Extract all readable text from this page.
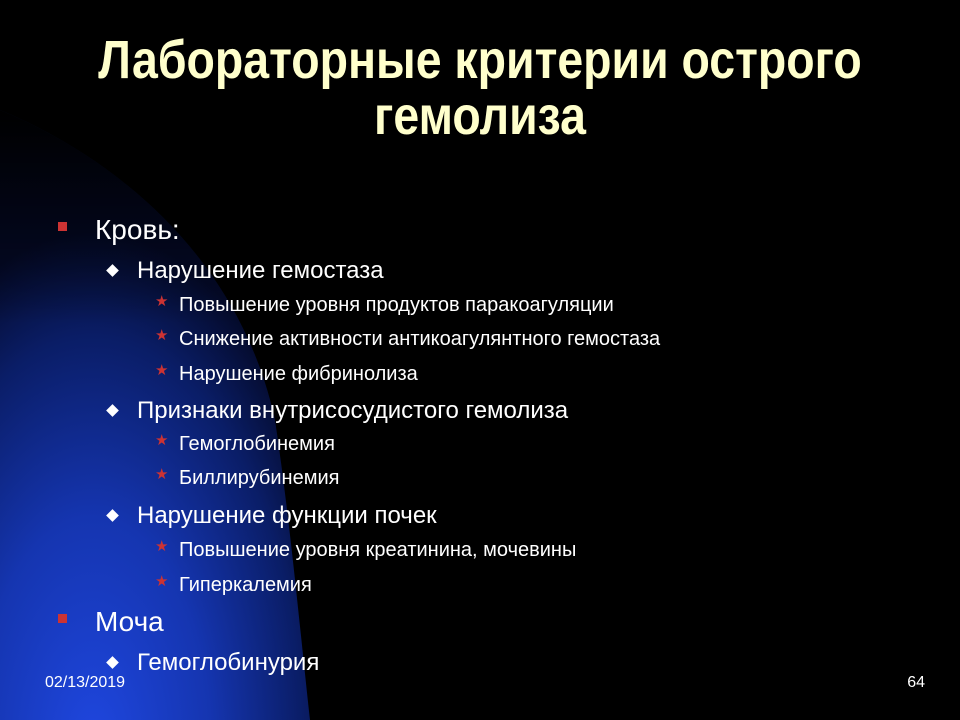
Лабораторные критерии острого
гемолиза
Кровь:
Нарушение гемостаза
★ Повышение уровня продуктов паракоагуляции
★ Снижение активности антикоагулянтного гемостаза
★ Нарушение фибринолиза
Признаки внутрисосудистого гемолиза
★ Гемоглобинемия
★ Биллирубинемия
Нарушение функции почек
★ Повышение уровня креатинина, мочевины
★ Гиперкалемия
Моча
Гемоглобинурия
02/13/2019	64
